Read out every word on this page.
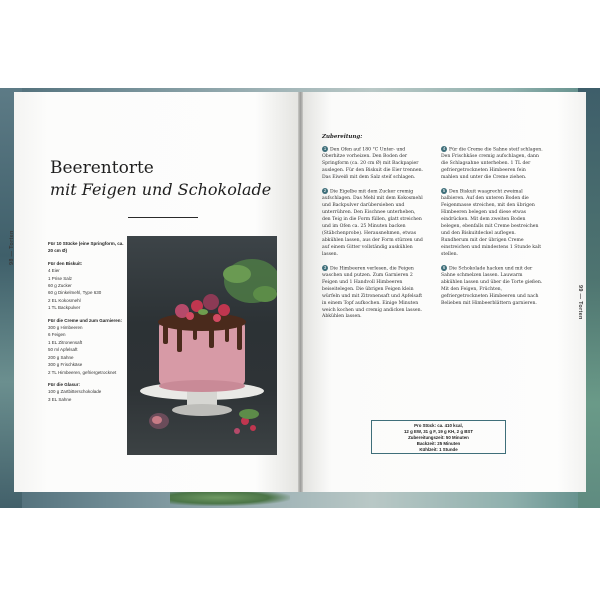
98 — Torten
Beerentorte
mit Feigen und Schokolade
Für 10 Stücke (eine Springform, ca. 20 cm Ø)
Für den Biskuit:
4 Eier
1 Prise Salz
60 g Zucker
60 g Dinkelmehl, Type 630
2 EL Kokosmehl
1 TL Backpulver
Für die Creme und zum Garnieren:
300 g Himbeeren
6 Feigen
1 EL Zitronensaft
50 ml Apfelsaft
200 g Sahne
300 g Frischkäse
2 TL Himbeeren, gefriergetrocknet
Für die Glasur:
100 g Zartbitterschokolade
3 EL Sahne
99 — Torten
Zubereitung:
1 Den Ofen auf 180 °C Unter- und Oberhitze vorheizen. Den Boden der Springform (ca. 20 cm Ø) mit Backpapier auslegen. Für den Biskuit die Eier trennen. Das Eiweiß mit dem Salz steif schlagen.
2 Die Eigelbe mit dem Zucker cremig aufschlagen. Das Mehl mit dem Kokosmehl und Backpulver darübersieben und unterrühren. Den Eischnee unterheben, den Teig in die Form füllen, glatt streichen und im Ofen ca. 25 Minuten backen (Stäbchenprobe). Herausnehmen, etwas abkühlen lassen, aus der Form stürzen und auf einem Gitter vollständig auskühlen lassen.
3 Die Himbeeren verlesen, die Feigen waschen und putzen. Zum Garnieren 2 Feigen und 1 Handvoll Himbeeren beiseitelegen. Die übrigen Feigen klein würfeln und mit Zitronensaft und Apfelsaft in einem Topf aufkochen. Einige Minuten weich kochen und cremig andicken lassen. Abkühlen lassen.
4 Für die Creme die Sahne steif schlagen. Den Frischkäse cremig aufschlagen, dann die Schlagsahne unterheben. 1 TL der gefriergetrockneten Himbeeren fein mahlen und unter die Creme ziehen.
5 Den Biskuit waagrecht zweimal halbieren. Auf den unteren Boden die Feigenmasse streichen, mit den übrigen Himbeeren belegen und diese etwas eindrücken. Mit dem zweiten Boden belegen, ebenfalls mit Creme bestreichen und den Biskuitdeckel auflegen. Rundherum mit der übrigen Creme einstreichen und mindestens 1 Stunde kalt stellen.
6 Die Schokolade hacken und mit der Sahne schmelzen lassen. Lauwarm abkühlen lassen und über die Torte gießen. Mit den Feigen, Früchten, gefriergetrockneten Himbeeren und nach Belieben mit Himbeerblättern garnieren.
Pro Stück: ca. 410 kcal,
12 g EW, 31 g F, 19 g KH, 2 g BST
Zubereitungszeit: 50 Minuten
Backzeit: 25 Minuten
Kühlzeit: 1 Stunde
